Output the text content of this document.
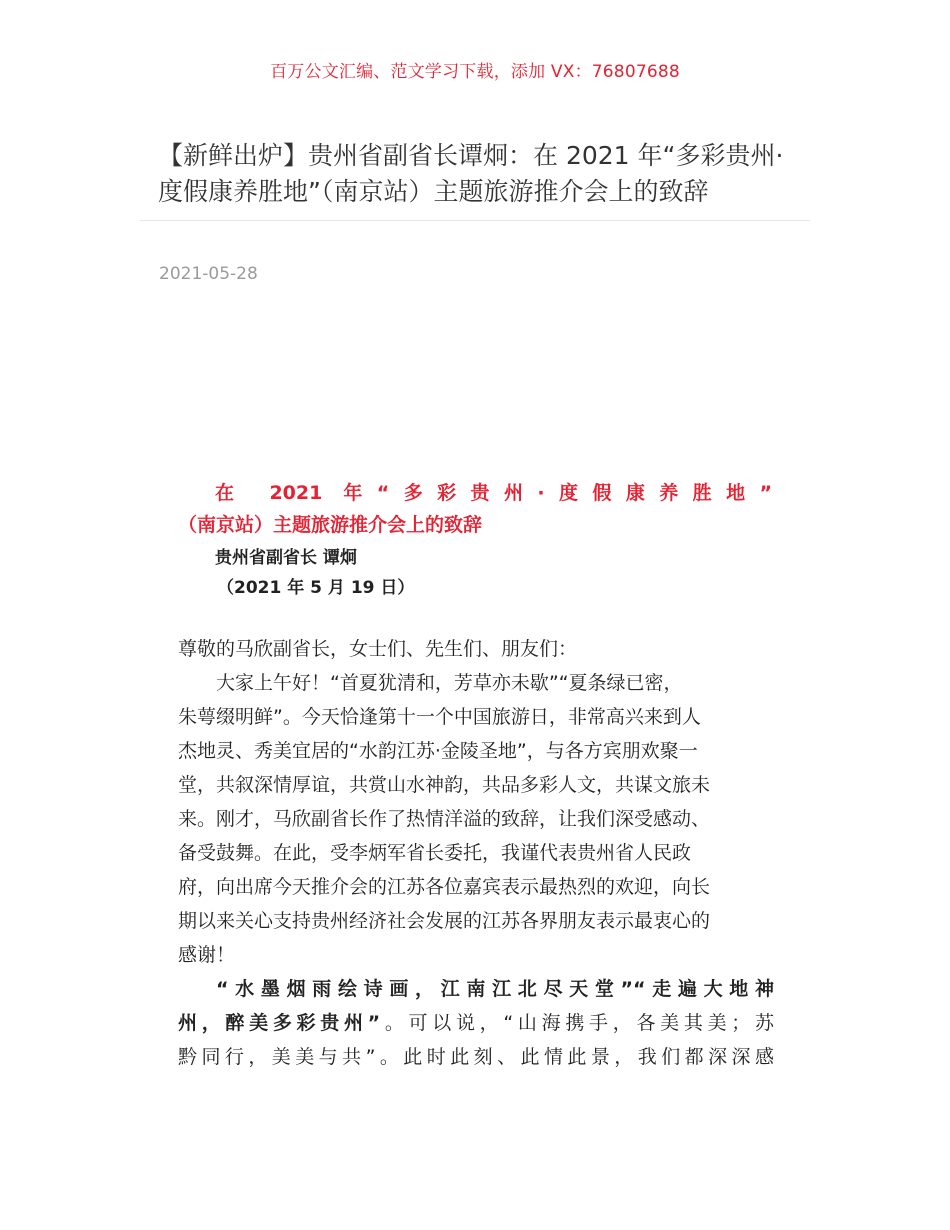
百万公文汇编、范文学习下载，添加 VX：76807688
【新鲜出炉】贵州省副省长谭炯：在 2021 年“多彩贵州·度假康养胜地”（南京站）主题旅游推介会上的致辞
2021-05-28
在 2021 年“多彩贵州·度假康养胜地”
（南京站）主题旅游推介会上的致辞
贵州省副省长 谭炯
（2021 年 5 月 19 日）
尊敬的马欣副省长，女士们、先生们、朋友们：
大家上午好！“首夏犹清和，芳草亦未歇”“夏条绿已密，
朱萼缀明鲜”。今天恰逢第十一个中国旅游日，非常高兴来到人
杰地灵、秀美宜居的“水韵江苏·金陵圣地”，与各方宾朋欢聚一
堂，共叙深情厚谊，共赏山水神韵，共品多彩人文，共谋文旅未
来。刚才，马欣副省长作了热情洋溢的致辞，让我们深受感动、
备受鼓舞。在此，受李炳军省长委托，我谨代表贵州省人民政
府，向出席今天推介会的江苏各位嘉宾表示最热烈的欢迎，向长
期以来关心支持贵州经济社会发展的江苏各界朋友表示最衷心的
感谢！
“水墨烟雨绘诗画，江南江北尽天堂”“走遍大地神
州，醉美多彩贵州”。可以说，“山海携手，各美其美；苏
黔同行，美美与共”。此时此刻、此情此景，我们都深深感
